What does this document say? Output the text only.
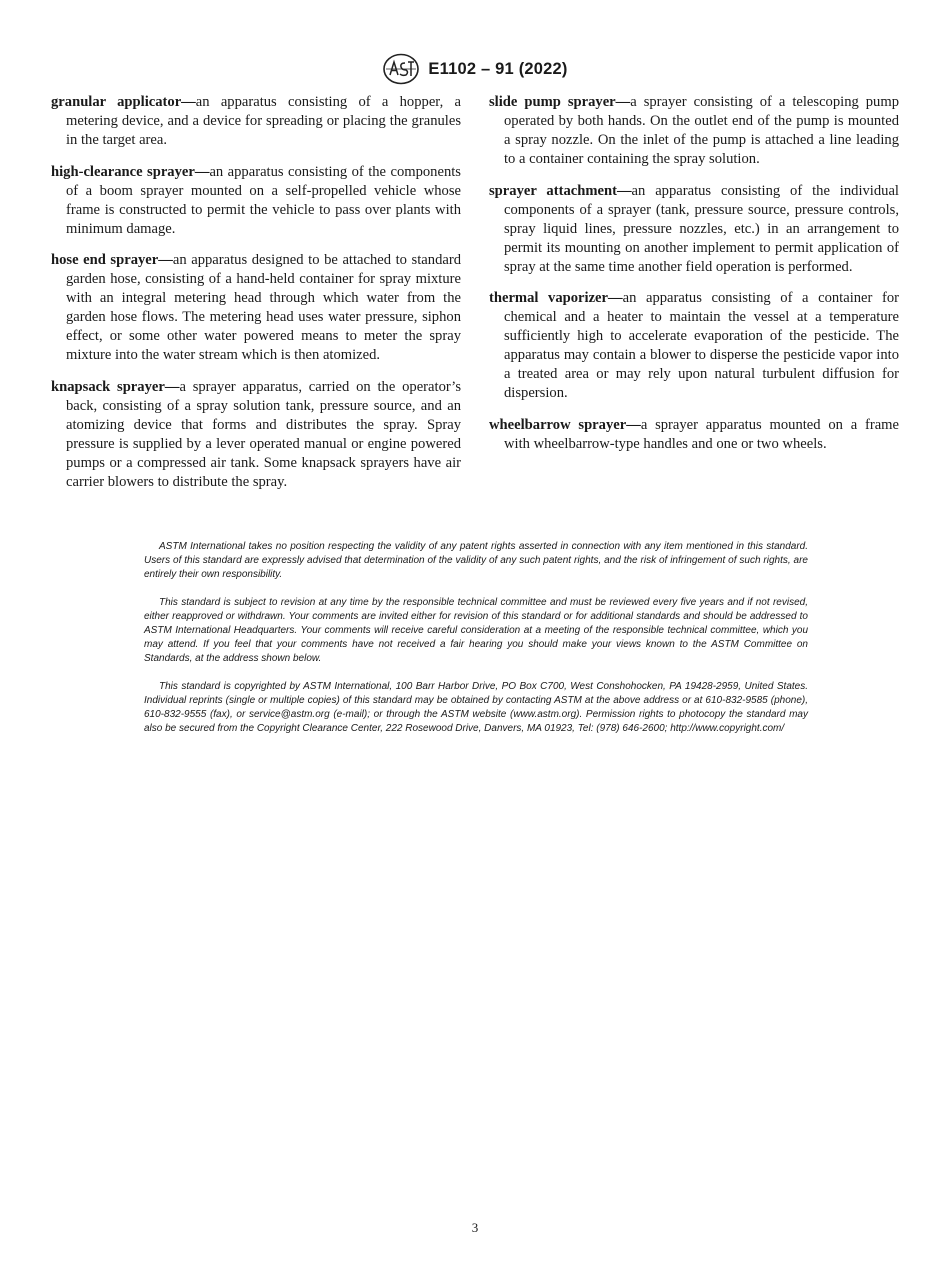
E1102 – 91 (2022)

granular applicator—an apparatus consisting of a hopper, a metering device, and a device for spreading or placing the granules in the target area.

high-clearance sprayer—an apparatus consisting of the components of a boom sprayer mounted on a self-propelled vehicle whose frame is constructed to permit the vehicle to pass over plants with minimum damage.

hose end sprayer—an apparatus designed to be attached to standard garden hose, consisting of a hand-held container for spray mixture with an integral metering head through which water from the garden hose flows. The metering head uses water pressure, siphon effect, or some other water powered means to meter the spray mixture into the water stream which is then atomized.

knapsack sprayer—a sprayer apparatus, carried on the operator’s back, consisting of a spray solution tank, pressure source, and an atomizing device that forms and distributes the spray. Spray pressure is supplied by a lever operated manual or engine powered pumps or a compressed air tank. Some knapsack sprayers have air carrier blowers to distribute the spray.

slide pump sprayer—a sprayer consisting of a telescoping pump operated by both hands. On the outlet end of the pump is mounted a spray nozzle. On the inlet of the pump is attached a line leading to a container containing the spray solution.

sprayer attachment—an apparatus consisting of the individual components of a sprayer (tank, pressure source, pressure controls, spray liquid lines, pressure nozzles, etc.) in an arrangement to permit its mounting on another implement to permit application of spray at the same time another field operation is performed.

thermal vaporizer—an apparatus consisting of a container for chemical and a heater to maintain the vessel at a temperature sufficiently high to accelerate evaporation of the pesticide. The apparatus may contain a blower to disperse the pesticide vapor into a treated area or may rely upon natural turbulent diffusion for dispersion.

wheelbarrow sprayer—a sprayer apparatus mounted on a frame with wheelbarrow-type handles and one or two wheels.

ASTM International takes no position respecting the validity of any patent rights asserted in connection with any item mentioned in this standard. Users of this standard are expressly advised that determination of the validity of any such patent rights, and the risk of infringement of such rights, are entirely their own responsibility.

This standard is subject to revision at any time by the responsible technical committee and must be reviewed every five years and if not revised, either reapproved or withdrawn. Your comments are invited either for revision of this standard or for additional standards and should be addressed to ASTM International Headquarters. Your comments will receive careful consideration at a meeting of the responsible technical committee, which you may attend. If you feel that your comments have not received a fair hearing you should make your views known to the ASTM Committee on Standards, at the address shown below.

This standard is copyrighted by ASTM International, 100 Barr Harbor Drive, PO Box C700, West Conshohocken, PA 19428-2959, United States. Individual reprints (single or multiple copies) of this standard may be obtained by contacting ASTM at the above address or at 610-832-9585 (phone), 610-832-9555 (fax), or service@astm.org (e-mail); or through the ASTM website (www.astm.org). Permission rights to photocopy the standard may also be secured from the Copyright Clearance Center, 222 Rosewood Drive, Danvers, MA 01923, Tel: (978) 646-2600; http://www.copyright.com/

3
